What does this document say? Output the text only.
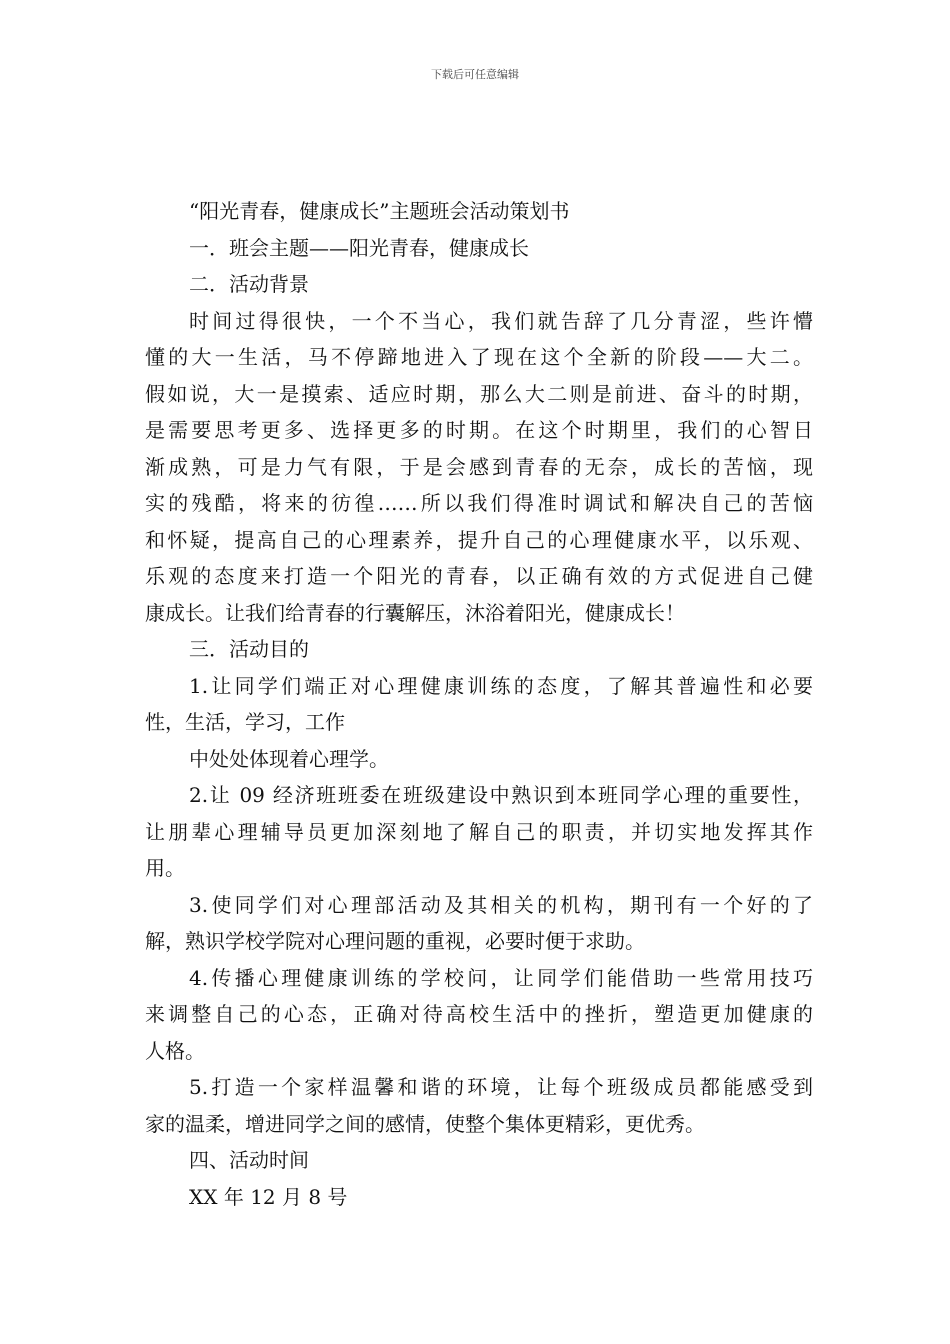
下载后可任意编辑
“阳光青春，健康成长”主题班会活动策划书
一．班会主题——阳光青春，健康成长
二．活动背景
时间过得很快，一个不当心，我们就告辞了几分青涩，些许懵
懂的大一生活，马不停蹄地进入了现在这个全新的阶段——大二。
假如说，大一是摸索、适应时期，那么大二则是前进、奋斗的时期，
是需要思考更多、选择更多的时期。在这个时期里，我们的心智日
渐成熟，可是力气有限，于是会感到青春的无奈，成长的苦恼，现
实的残酷，将来的彷徨……所以我们得准时调试和解决自己的苦恼
和怀疑，提高自己的心理素养，提升自己的心理健康水平，以乐观、
乐观的态度来打造一个阳光的青春，以正确有效的方式促进自己健
康成长。让我们给青春的行囊解压，沐浴着阳光，健康成长！
三．活动目的
1.让同学们端正对心理健康训练的态度，了解其普遍性和必要
性，生活，学习，工作
中处处体现着心理学。
2.让 09 经济班班委在班级建设中熟识到本班同学心理的重要性，
让朋辈心理辅导员更加深刻地了解自己的职责，并切实地发挥其作
用。
3.使同学们对心理部活动及其相关的机构，期刊有一个好的了
解，熟识学校学院对心理问题的重视，必要时便于求助。
4.传播心理健康训练的学校问，让同学们能借助一些常用技巧
来调整自己的心态，正确对待高校生活中的挫折，塑造更加健康的
人格。
5.打造一个家样温馨和谐的环境，让每个班级成员都能感受到
家的温柔，增进同学之间的感情，使整个集体更精彩，更优秀。
四、活动时间
XX 年 12 月 8 号
